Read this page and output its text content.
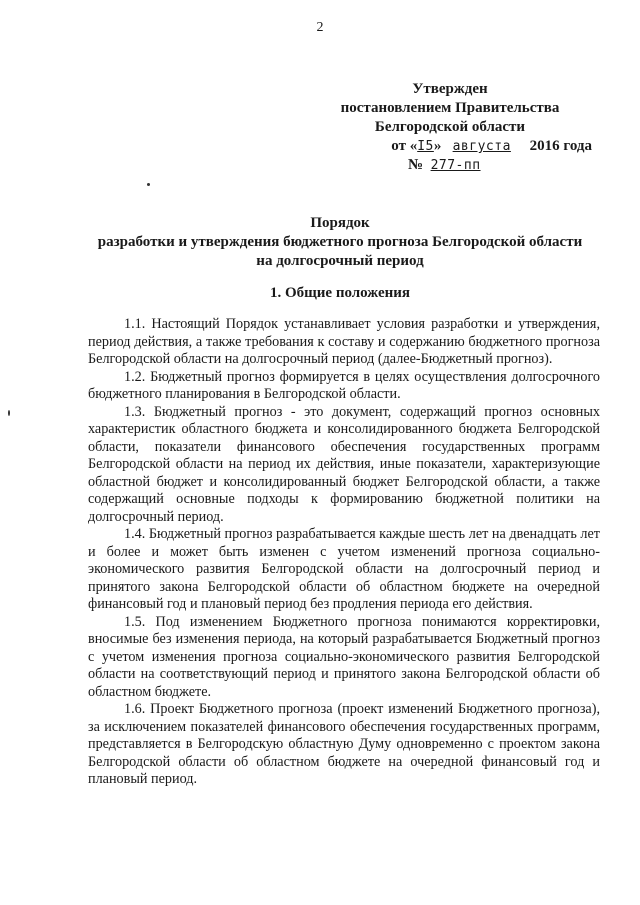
2
Утвержден
постановлением Правительства
Белгородской области
от «I5» августа 2016 года
№ 277-пп
Порядок
разработки и утверждения бюджетного прогноза Белгородской области
на долгосрочный период
1. Общие положения

1.1. Настоящий Порядок устанавливает условия разработки и утверждения, период действия, а также требования к составу и содержанию бюджетного прогноза Белгородской области на долгосрочный период (далее-Бюджетный прогноз).

1.2. Бюджетный прогноз формируется в целях осуществления долгосрочного бюджетного планирования в Белгородской области.

1.3. Бюджетный прогноз - это документ, содержащий прогноз основных характеристик областного бюджета и консолидированного бюджета Белгородской области, показатели финансового обеспечения государственных программ Белгородской области на период их действия, иные показатели, характеризующие областной бюджет и консолидированный бюджет Белгородской области, а также содержащий основные подходы к формированию бюджетной политики на долгосрочный период.

1.4. Бюджетный прогноз разрабатывается каждые шесть лет на двенадцать лет и более и может быть изменен с учетом изменений прогноза социально-экономического развития Белгородской области на долгосрочный период и принятого закона Белгородской области об областном бюджете на очередной финансовый год и плановый период без продления периода его действия.

1.5. Под изменением Бюджетного прогноза понимаются корректировки, вносимые без изменения периода, на который разрабатывается Бюджетный прогноз с учетом изменения прогноза социально-экономического развития Белгородской области на соответствующий период и принятого закона Белгородской области об областном бюджете.

1.6. Проект Бюджетного прогноза (проект изменений Бюджетного прогноза), за исключением показателей финансового обеспечения государственных программ, представляется в Белгородскую областную Думу одновременно с проектом закона Белгородской области об областном бюджете на очередной финансовый год и плановый период.
